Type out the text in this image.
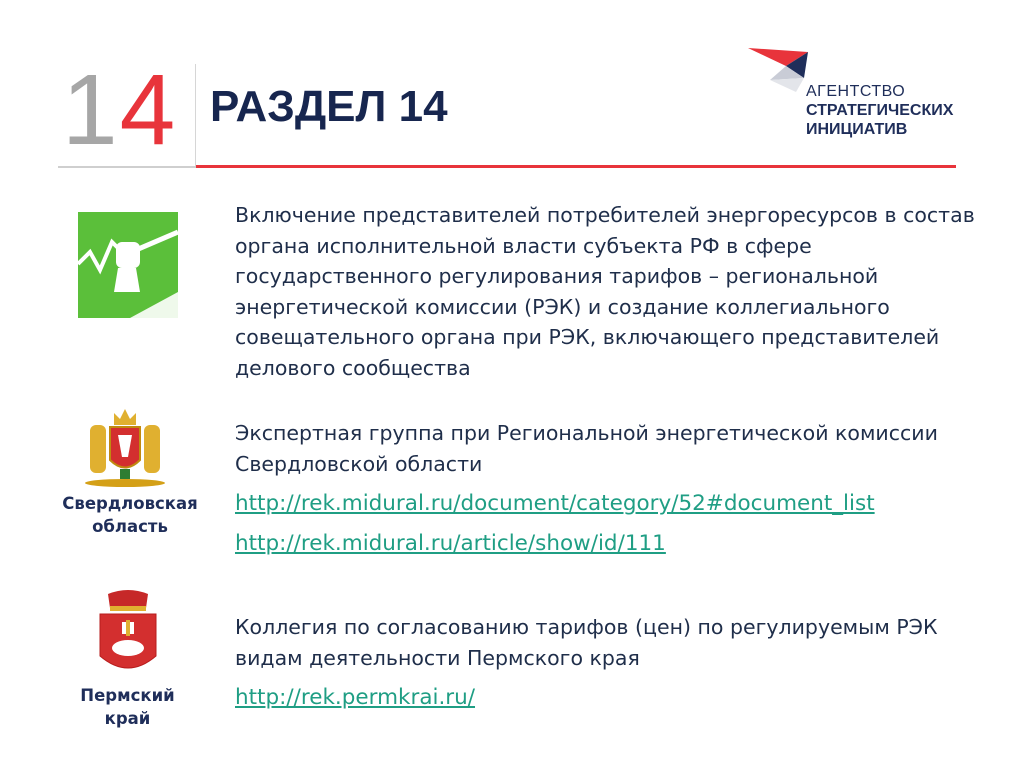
14 РАЗДЕЛ 14	АГЕНТСТВО
СТРАТЕГИЧЕСКИХ
ИНИЦИАТИВ
Включение представителей потребителей энергоресурсов в состав органа исполнительной власти субъекта РФ в сфере государственного регулирования тарифов – региональной энергетической комиссии (РЭК) и создание коллегиального совещательного органа при РЭК, включающего представителей делового сообщества
Свердловская
область
Экспертная группа при Региональной энергетической комиссии Свердловской области
http://rek.midural.ru/document/category/52#document_list
http://rek.midural.ru/article/show/id/111
Пермский
край
Коллегия по согласованию тарифов (цен) по регулируемым РЭК видам деятельности Пермского края
http://rek.permkrai.ru/
